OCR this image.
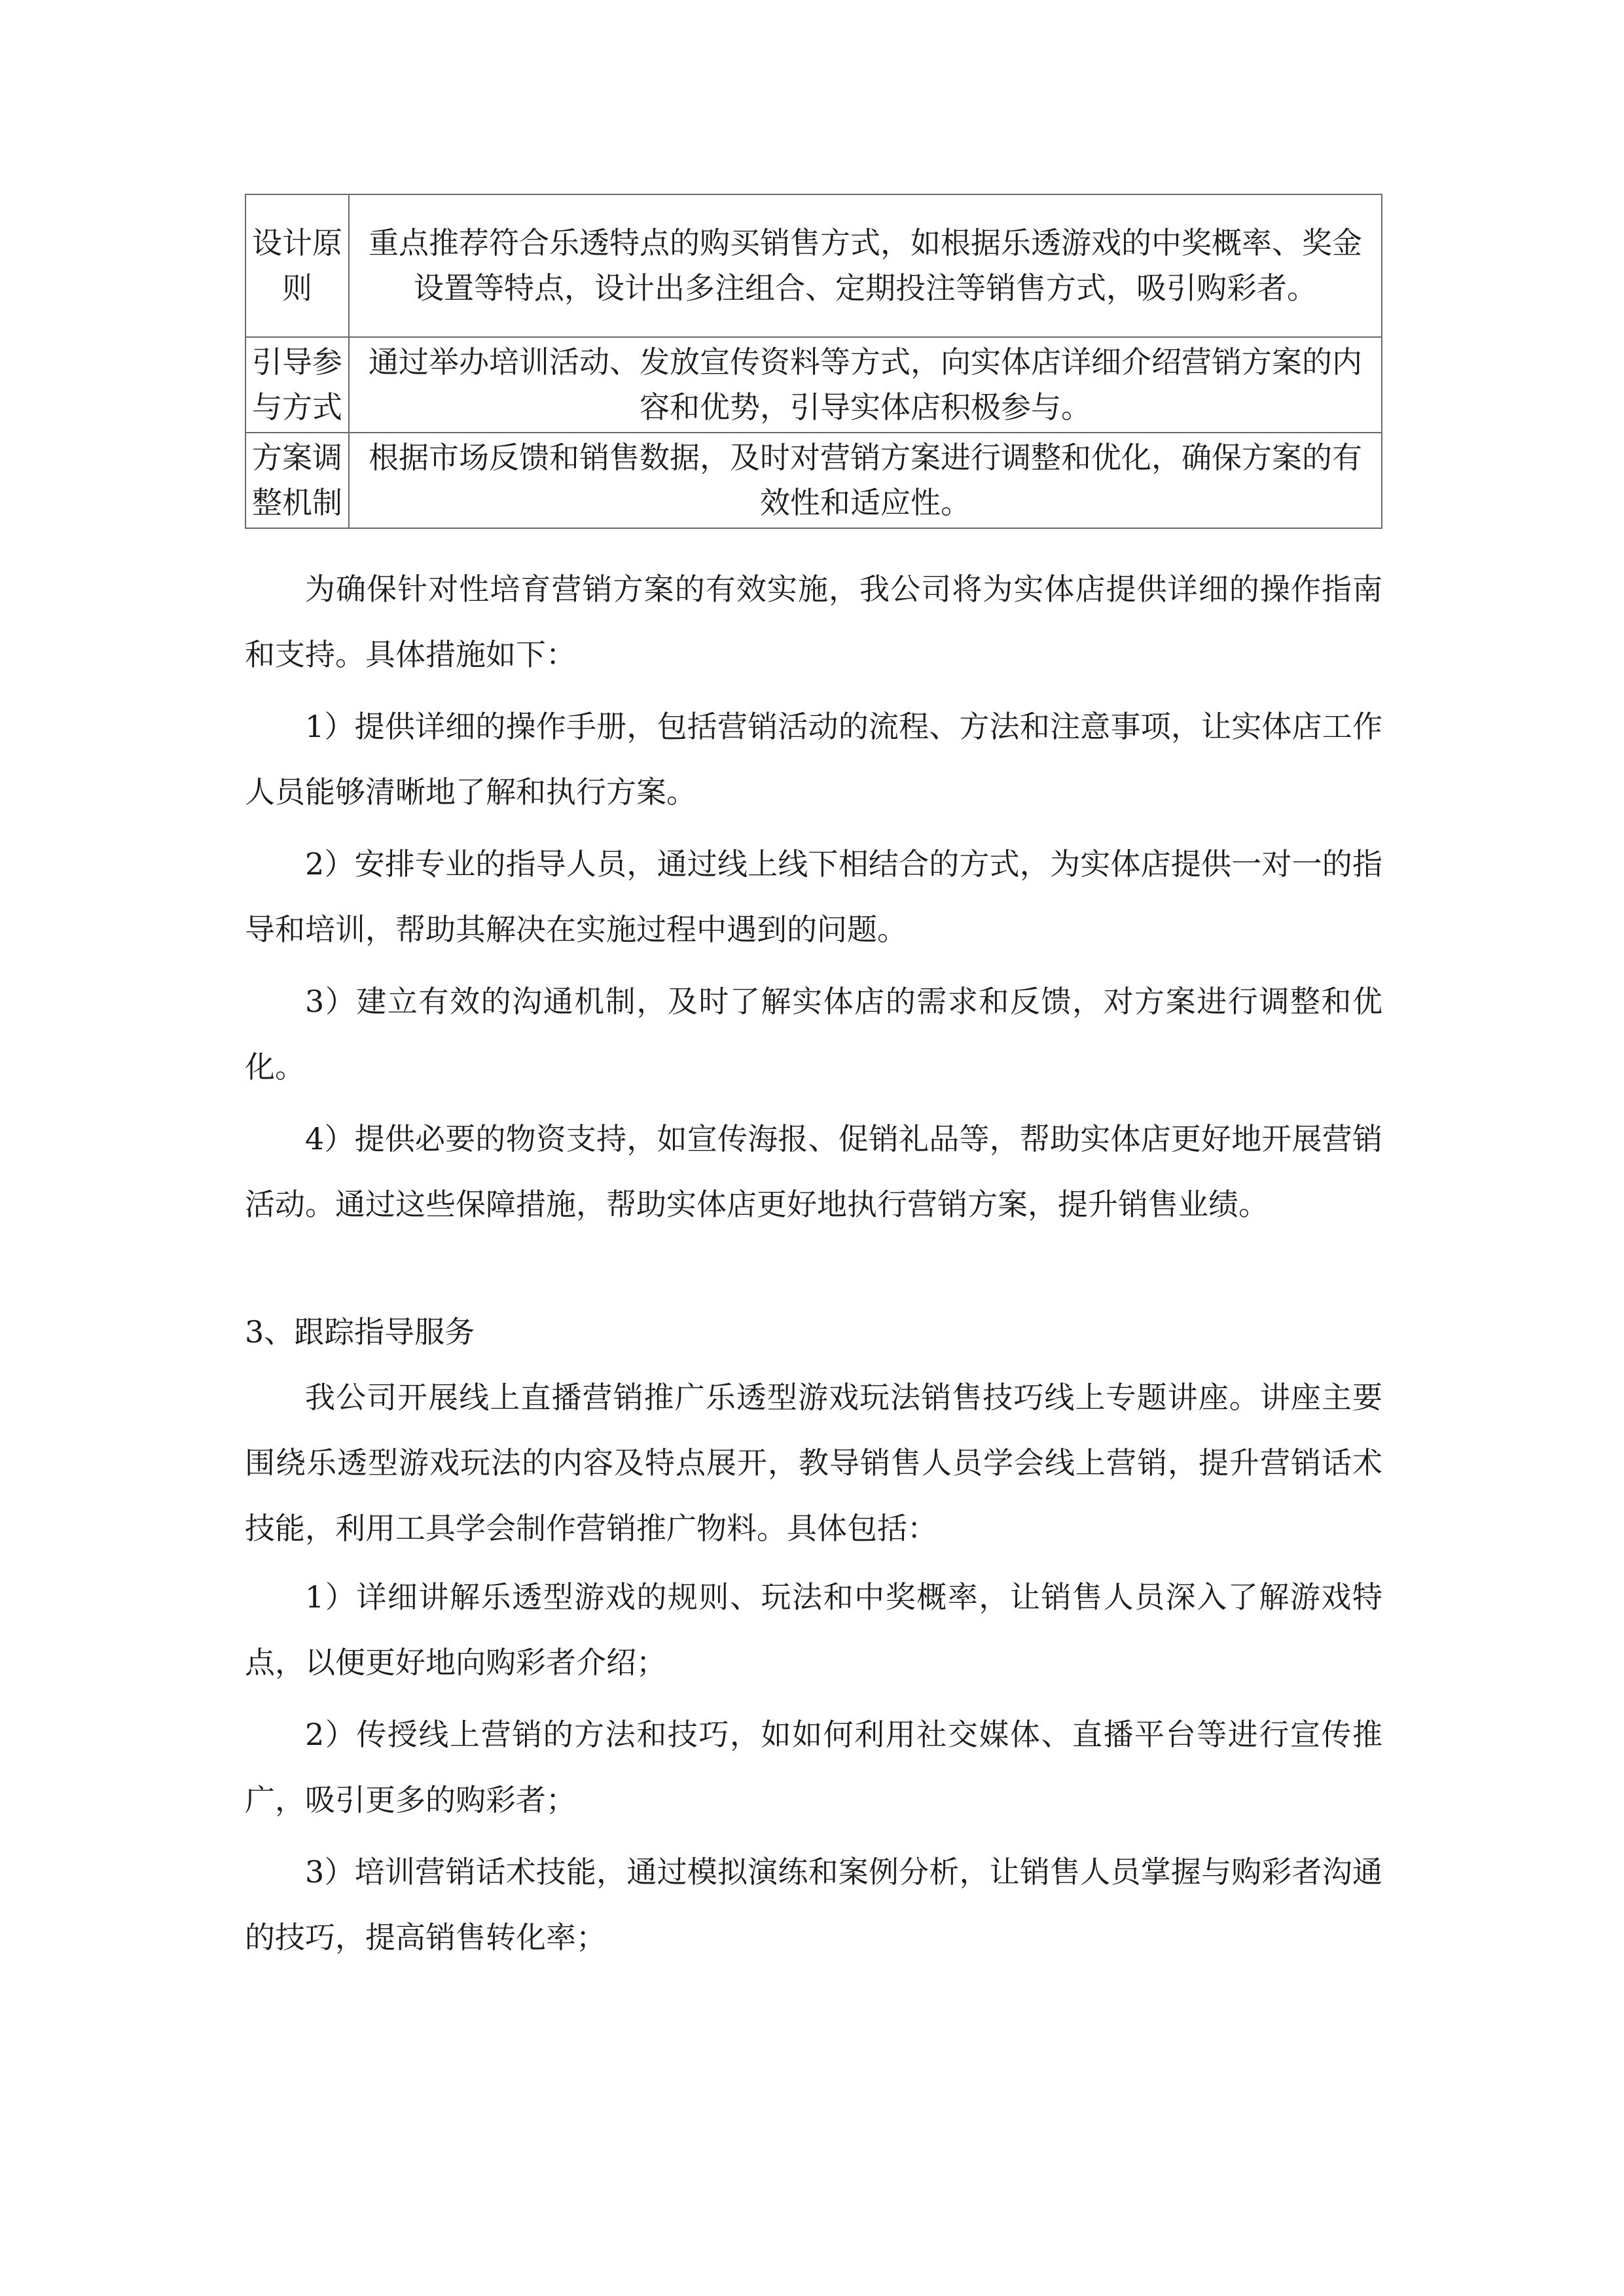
设计原则	重点推荐符合乐透特点的购买销售方式，如根据乐透游戏的中奖概率、奖金设置等特点，设计出多注组合、定期投注等销售方式，吸引购彩者。
引导参与方式	通过举办培训活动、发放宣传资料等方式，向实体店详细介绍营销方案的内容和优势，引导实体店积极参与。
方案调整机制	根据市场反馈和销售数据，及时对营销方案进行调整和优化，确保方案的有效性和适应性。

为确保针对性培育营销方案的有效实施，我公司将为实体店提供详细的操作指南和支持。具体措施如下：

1）提供详细的操作手册，包括营销活动的流程、方法和注意事项，让实体店工作人员能够清晰地了解和执行方案。

2）安排专业的指导人员，通过线上线下相结合的方式，为实体店提供一对一的指导和培训，帮助其解决在实施过程中遇到的问题。

3）建立有效的沟通机制，及时了解实体店的需求和反馈，对方案进行调整和优化。

4）提供必要的物资支持，如宣传海报、促销礼品等，帮助实体店更好地开展营销活动。通过这些保障措施，帮助实体店更好地执行营销方案，提升销售业绩。

3、跟踪指导服务

我公司开展线上直播营销推广乐透型游戏玩法销售技巧线上专题讲座。讲座主要围绕乐透型游戏玩法的内容及特点展开，教导销售人员学会线上营销，提升营销话术技能，利用工具学会制作营销推广物料。具体包括：

1）详细讲解乐透型游戏的规则、玩法和中奖概率，让销售人员深入了解游戏特点，以便更好地向购彩者介绍；

2）传授线上营销的方法和技巧，如如何利用社交媒体、直播平台等进行宣传推广，吸引更多的购彩者；

3）培训营销话术技能，通过模拟演练和案例分析，让销售人员掌握与购彩者沟通的技巧，提高销售转化率；
